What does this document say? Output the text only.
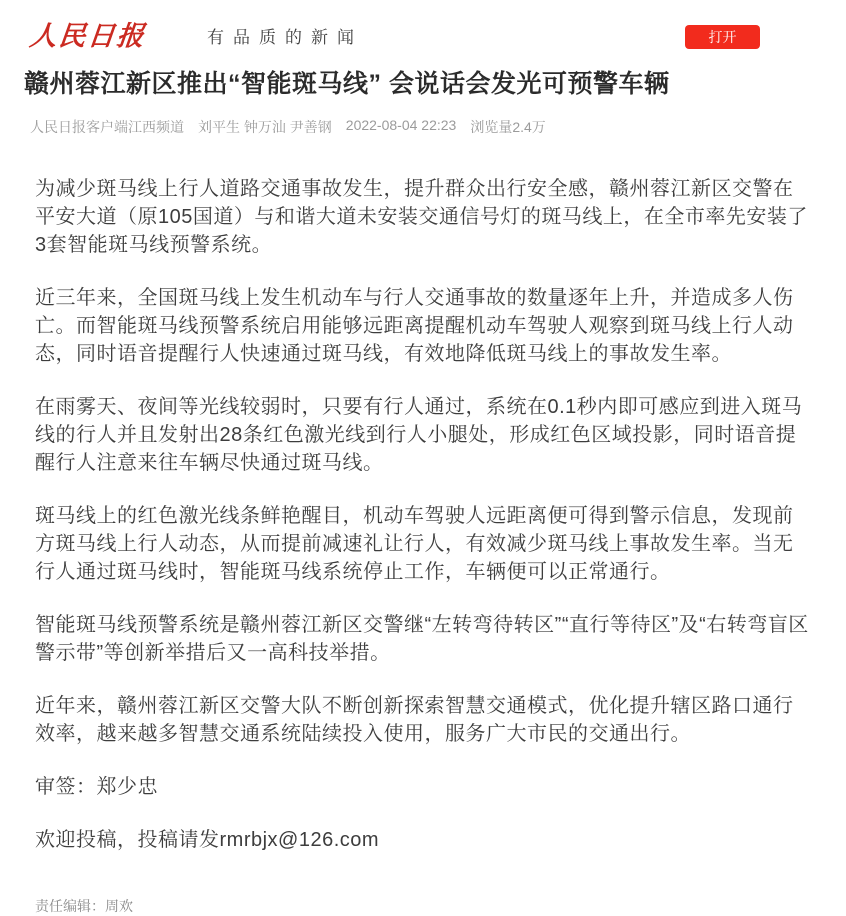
人民日报	有品质的新闻	打开
赣州蓉江新区推出“智能斑马线” 会说话会发光可预警车辆
人民日报客户端江西频道 刘平生 钟万汕 尹善钢 2022-08-04 22:23 浏览量2.4万

为减少斑马线上行人道路交通事故发生，提升群众出行安全感，赣州蓉江新区交警在平安大道（原105国道）与和谐大道未安装交通信号灯的斑马线上，在全市率先安装了3套智能斑马线预警系统。

近三年来，全国斑马线上发生机动车与行人交通事故的数量逐年上升，并造成多人伤亡。而智能斑马线预警系统启用能够远距离提醒机动车驾驶人观察到斑马线上行人动态，同时语音提醒行人快速通过斑马线，有效地降低斑马线上的事故发生率。

在雨雾天、夜间等光线较弱时，只要有行人通过，系统在0.1秒内即可感应到进入斑马线的行人并且发射出28条红色激光线到行人小腿处，形成红色区域投影，同时语音提醒行人注意来往车辆尽快通过斑马线。

斑马线上的红色激光线条鲜艳醒目，机动车驾驶人远距离便可得到警示信息，发现前方斑马线上行人动态，从而提前减速礼让行人，有效减少斑马线上事故发生率。当无行人通过斑马线时，智能斑马线系统停止工作，车辆便可以正常通行。

智能斑马线预警系统是赣州蓉江新区交警继“左转弯待转区”“直行等待区”及“右转弯盲区警示带”等创新举措后又一高科技举措。

近年来，赣州蓉江新区交警大队不断创新探索智慧交通模式，优化提升辖区路口通行效率，越来越多智慧交通系统陆续投入使用，服务广大市民的交通出行。

审签：郑少忠

欢迎投稿，投稿请发rmrbjx@126.com

责任编辑：周欢
